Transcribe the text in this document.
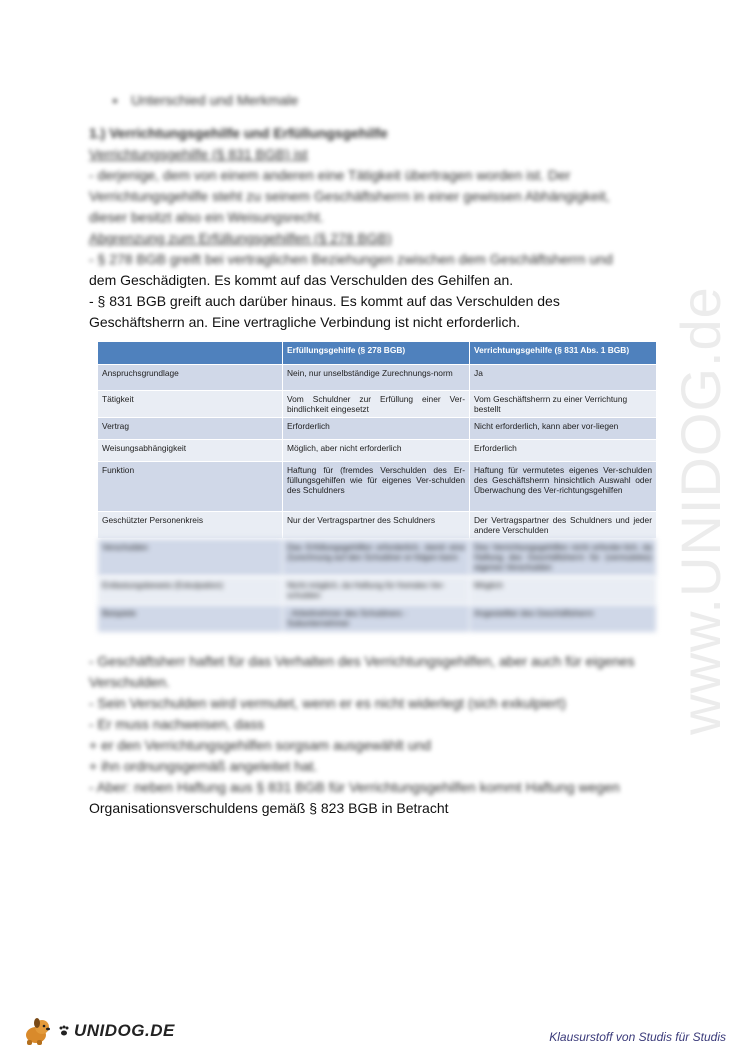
Unterschied und Merkmale
1.) Verrichtungsgehilfe und Erfüllungsgehilfe
Verrichtungsgehilfe (§ 831 BGB) ist
- derjenige, dem von einem anderen eine Tätigkeit übertragen worden ist. Der
Verrichtungsgehilfe steht zu seinem Geschäftsherrn in einer gewissen Abhängigkeit,
dieser besitzt also ein Weisungsrecht.
Abgrenzung zum Erfüllungsgehilfen (§ 278 BGB)
- § 278 BGB greift bei vertraglichen Beziehungen zwischen dem Geschäftsherrn und
dem Geschädigten. Es kommt auf das Verschulden des Gehilfen an.
- § 831 BGB greift auch darüber hinaus. Es kommt auf das Verschulden des
Geschäftsherrn an. Eine vertragliche Verbindung ist nicht erforderlich.
	Erfüllungsgehilfe (§ 278 BGB)	Verrichtungsgehilfe (§ 831 Abs. 1 BGB)
Anspruchsgrundlage	Nein, nur unselbständige Zurechnungs-norm	Ja
Tätigkeit	Vom Schuldner zur Erfüllung einer Ver-bindlichkeit eingesetzt	Vom Geschäftsherrn zu einer Verrichtung bestellt
Vertrag	Erforderlich	Nicht erforderlich, kann aber vor-liegen
Weisungsabhängigkeit	Möglich, aber nicht erforderlich	Erforderlich
Funktion	Haftung für (fremdes Verschulden des Er-füllungsgehilfen wie für eigenes Ver-schulden des Schuldners	Haftung für vermutetes eigenes Ver-schulden des Geschäftsherrn hinsichtlich Auswahl oder Überwachung des Ver-richtungsgehilfen
Geschützter Personenkreis	Nur der Vertragspartner des Schuldners	Der Vertragspartner des Schuldners und jeder andere Verschulden
Verschulden	Das Erfüllungsgehilfen erforderlich, damit eine Zurechnung auf den Schuldner er-folgen kann	Des Verrichtungsgehilfen nicht erforder-lich, da Haftung des Geschäftsherrn für (vermutetes) eigenes Verschulden
Entlastungsbeweis (Exkulpation)	Nicht möglich, da Haftung für fremdes Ver-schulden	Möglich
Beispiele	- Arbeitnehmer des Schuldners - Subunternehmer	Angestellter des Geschäftsherrn
- Geschäftsherr haftet für das Verhalten des Verrichtungsgehilfen, aber auch für eigenes
Verschulden.
- Sein Verschulden wird vermutet, wenn er es nicht widerlegt (sich exkulpiert)
- Er muss nachweisen, dass
+ er den Verrichtungsgehilfen sorgsam ausgewählt und
+ ihn ordnungsgemäß angeleitet hat.
- Aber: neben Haftung aus § 831 BGB für Verrichtungsgehilfen kommt Haftung wegen
Organisationsverschuldens gemäß § 823 BGB in Betracht
www.UNIDOG.de
UNIDOG.DE	Klausurstoff von Studis für Studis
